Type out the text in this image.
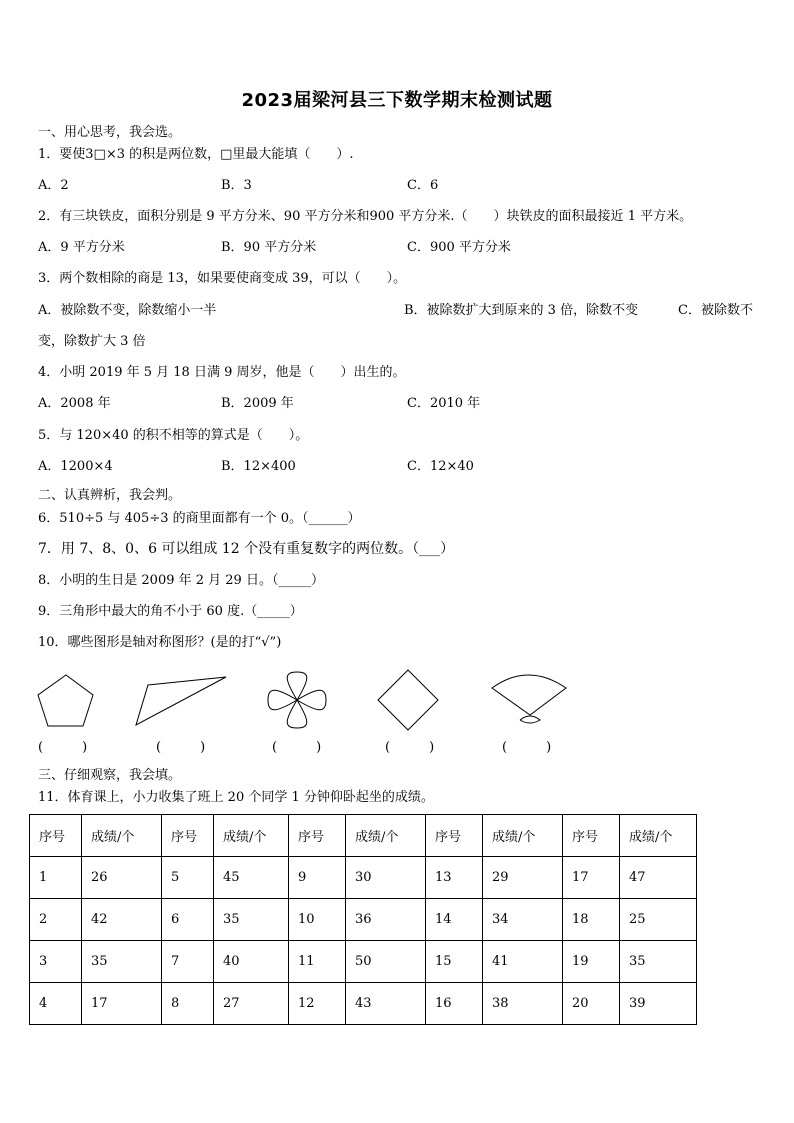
2023届梁河县三下数学期末检测试题
一、用心思考，我会选。
1．要使3□×3 的积是两位数，□里最大能填（　　）.
A．2	B．3	C．6
2．有三块铁皮，面积分别是 9 平方分米、90 平方分米和900 平方分米.（　　）块铁皮的面积最接近 1 平方米。
A．9 平方分米	B．90 平方分米	C．900 平方分米
3．两个数相除的商是 13，如果要使商变成 39，可以（　　）。
A．被除数不变，除数缩小一半	B．被除数扩大到原来的 3 倍，除数不变	C．被除数不
变，除数扩大 3 倍
4．小明 2019 年 5 月 18 日满 9 周岁，他是（　　）出生的。
A．2008 年	B．2009 年	C．2010 年
5．与 120×40 的积不相等的算式是（　　）。
A．1200×4	B．12×400	C．12×40
二、认真辨析，我会判。
6．510÷5 与 405÷3 的商里面都有一个 0。（______）
7．用 7、8、0、6 可以组成 12 个没有重复数字的两位数。（___）
8．小明的生日是 2009 年 2 月 29 日。（_____）
9．三角形中最大的角不小于 60 度.（_____）
10．哪些图形是轴对称图形？(是的打“√”)
(　　　)	(　　　)	(　　　)	(　　　)	(　　　)
三、仔细观察，我会填。
11．体育课上，小力收集了班上 20 个同学 1 分钟仰卧起坐的成绩。
序号	成绩/个	序号	成绩/个	序号	成绩/个	序号	成绩/个	序号	成绩/个
1	26	5	45	9	30	13	29	17	47
2	42	6	35	10	36	14	34	18	25
3	35	7	40	11	50	15	41	19	35
4	17	8	27	12	43	16	38	20	39
